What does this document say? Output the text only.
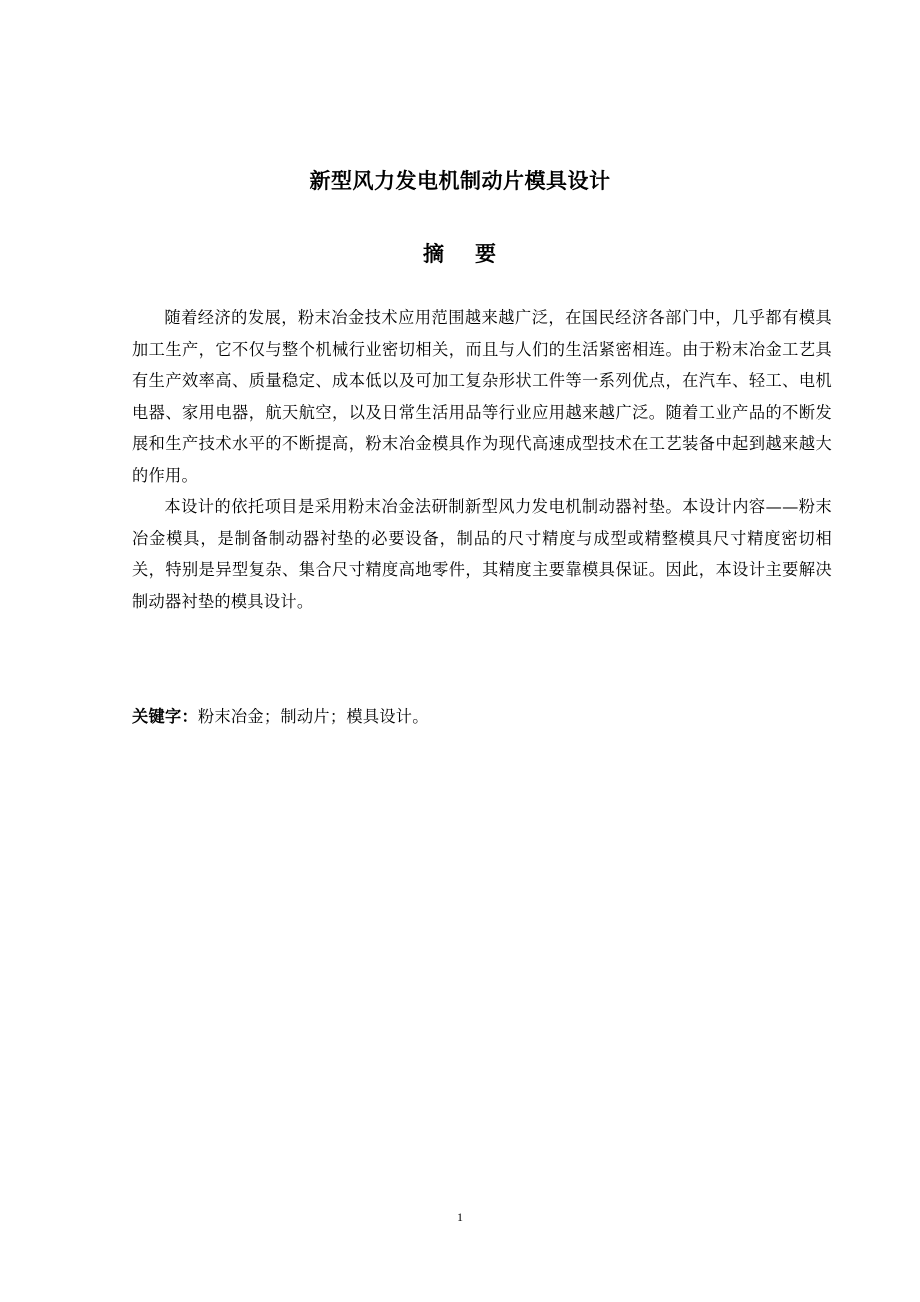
新型风力发电机制动片模具设计
摘 要

随着经济的发展，粉末冶金技术应用范围越来越广泛，在国民经济各部门中，几乎都有模具加工生产，它不仅与整个机械行业密切相关，而且与人们的生活紧密相连。由于粉末冶金工艺具有生产效率高、质量稳定、成本低以及可加工复杂形状工件等一系列优点，在汽车、轻工、电机电器、家用电器，航天航空，以及日常生活用品等行业应用越来越广泛。随着工业产品的不断发展和生产技术水平的不断提高，粉末冶金模具作为现代高速成型技术在工艺装备中起到越来越大的作用。

本设计的依托项目是采用粉末冶金法研制新型风力发电机制动器衬垫。本设计内容——粉末冶金模具，是制备制动器衬垫的必要设备，制品的尺寸精度与成型或精整模具尺寸精度密切相关，特别是异型复杂、集合尺寸精度高地零件，其精度主要靠模具保证。因此，本设计主要解决制动器衬垫的模具设计。

关键字：粉末冶金；制动片；模具设计。
1
